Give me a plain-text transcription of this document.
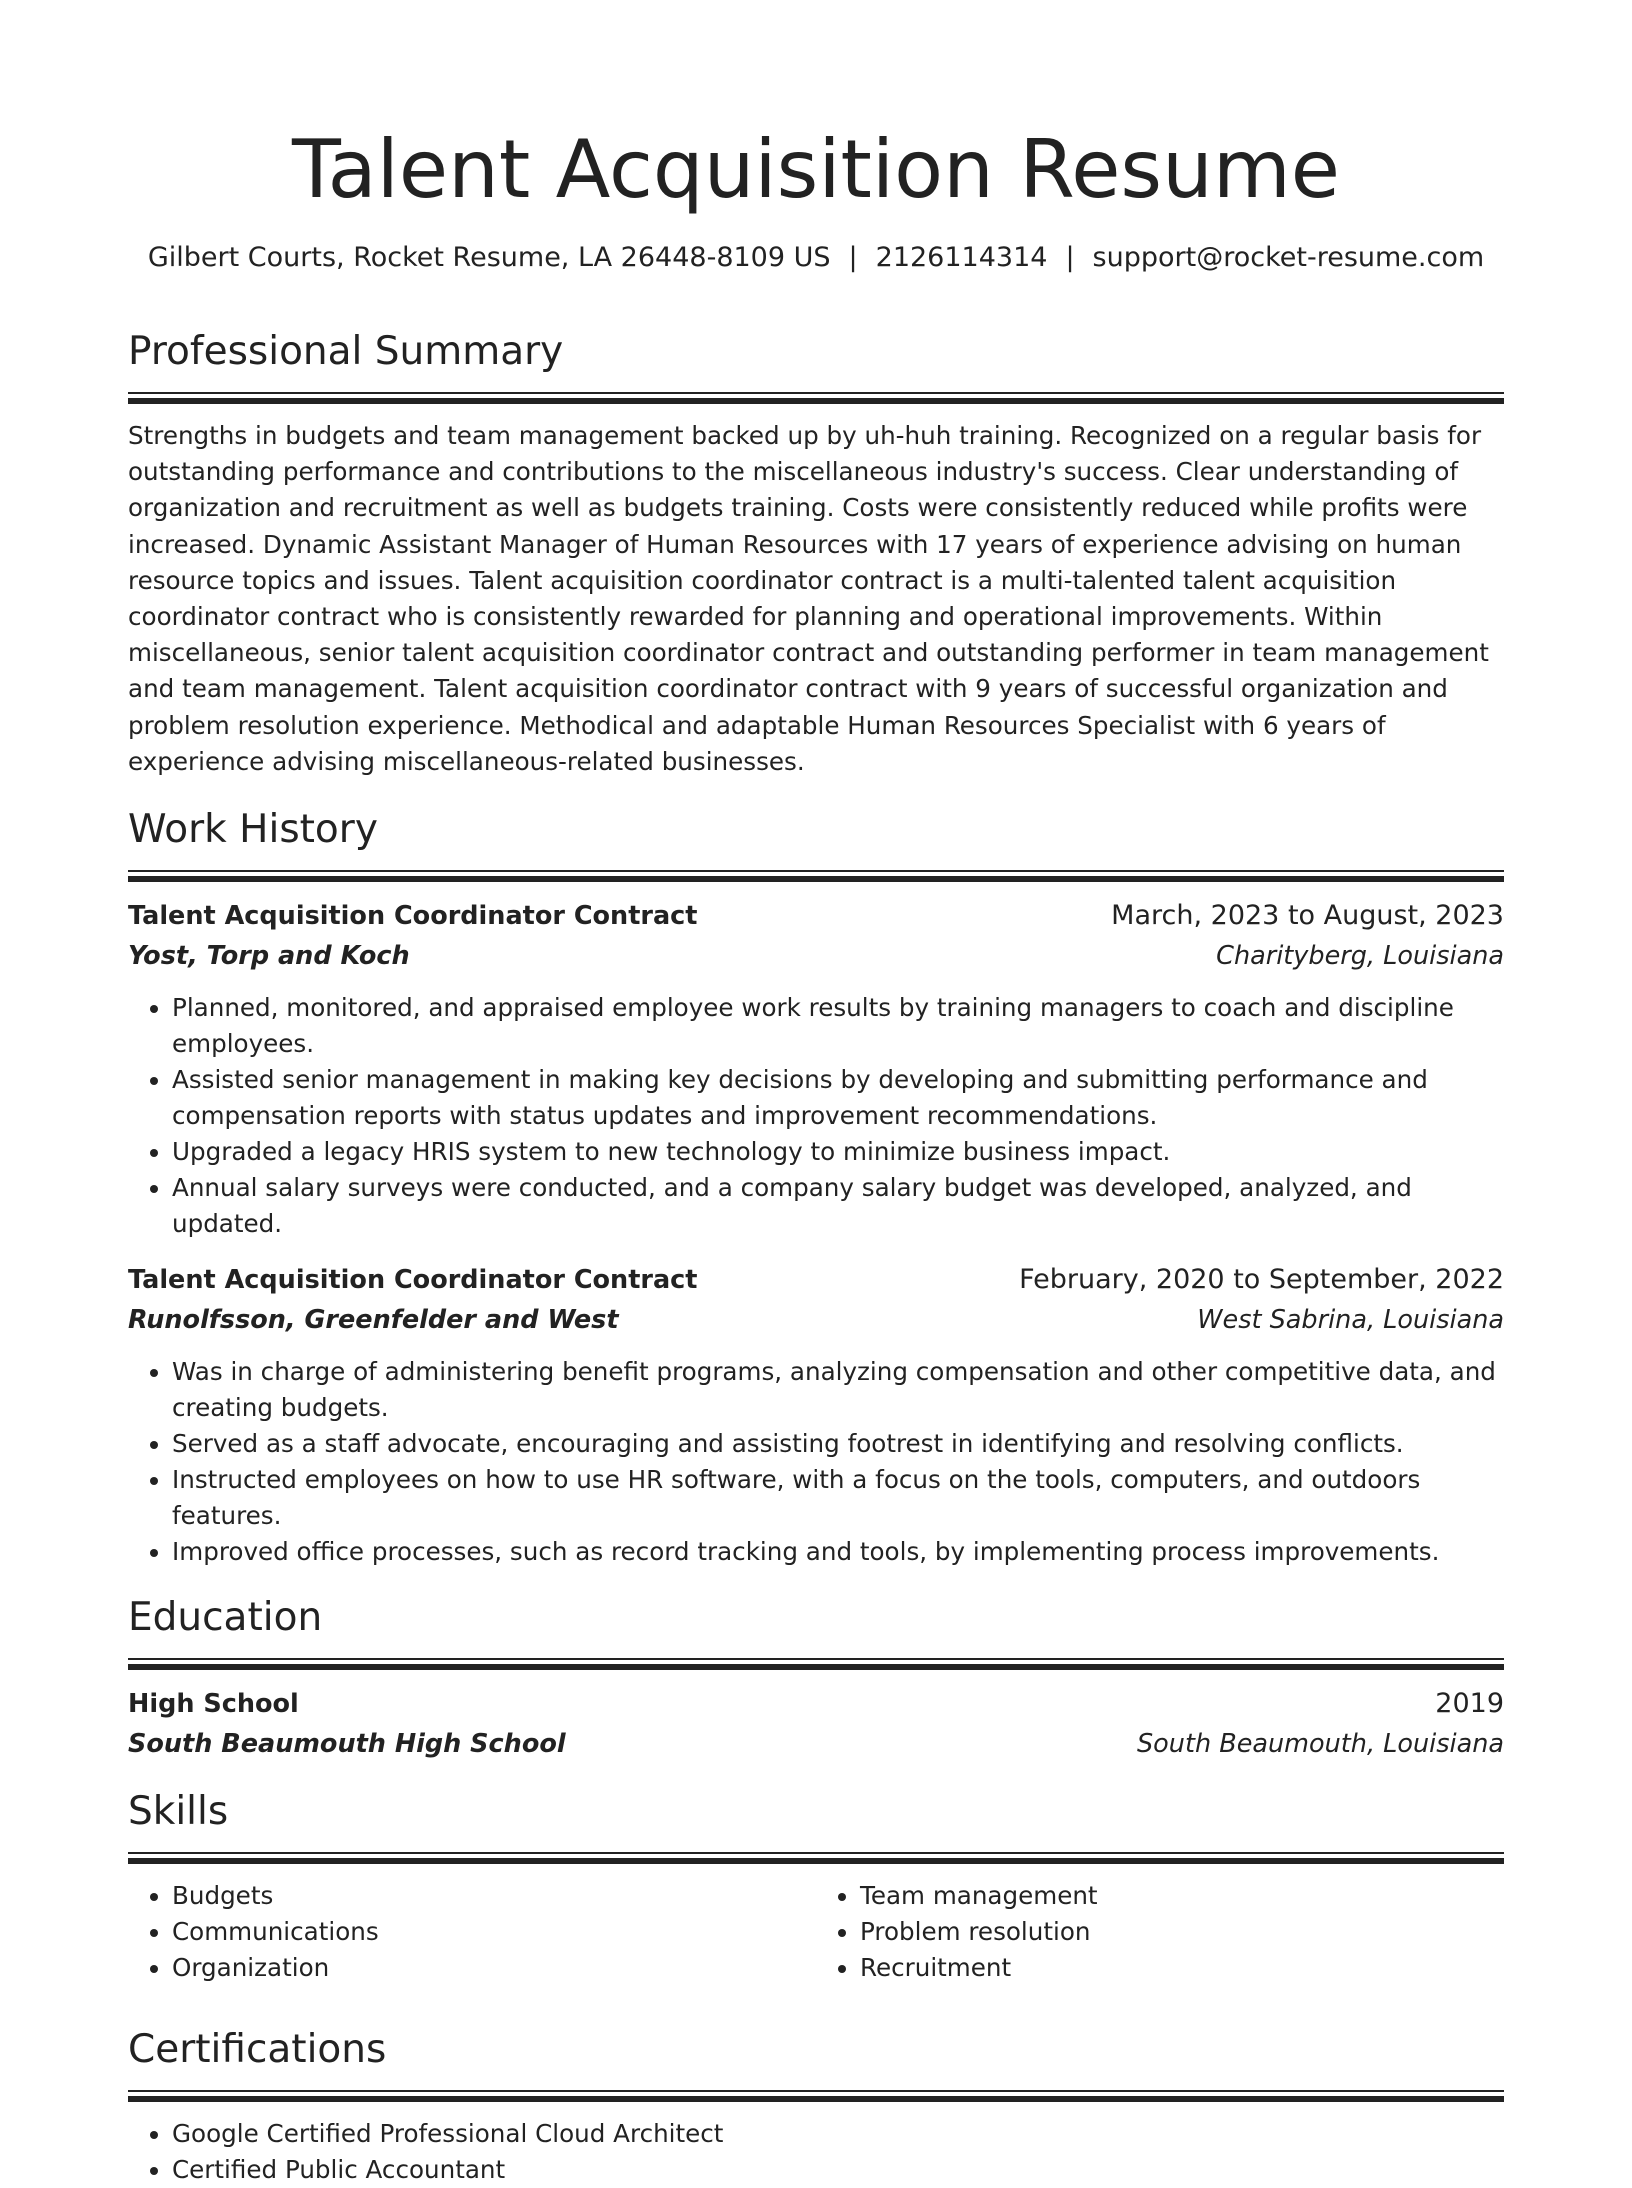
Talent Acquisition Resume
Gilbert Courts, Rocket Resume, LA 26448-8109 US | 2126114314 | support@rocket-resume.com
Professional Summary

Strengths in budgets and team management backed up by uh-huh training. Recognized on a regular basis for outstanding performance and contributions to the miscellaneous industry's success. Clear understanding of organization and recruitment as well as budgets training. Costs were consistently reduced while profits were increased. Dynamic Assistant Manager of Human Resources with 17 years of experience advising on human resource topics and issues. Talent acquisition coordinator contract is a multi-talented talent acquisition coordinator contract who is consistently rewarded for planning and operational improvements. Within miscellaneous, senior talent acquisition coordinator contract and outstanding performer in team management and team management. Talent acquisition coordinator contract with 9 years of successful organization and problem resolution experience. Methodical and adaptable Human Resources Specialist with 6 years of experience advising miscellaneous-related businesses.

Work History
Talent Acquisition Coordinator Contract	March, 2023 to August, 2023
Yost, Torp and Koch	Charityberg, Louisiana
• Planned, monitored, and appraised employee work results by training managers to coach and discipline employees.
• Assisted senior management in making key decisions by developing and submitting performance and compensation reports with status updates and improvement recommendations.
• Upgraded a legacy HRIS system to new technology to minimize business impact.
• Annual salary surveys were conducted, and a company salary budget was developed, analyzed, and updated.
Talent Acquisition Coordinator Contract	February, 2020 to September, 2022
Runolfsson, Greenfelder and West	West Sabrina, Louisiana
• Was in charge of administering benefit programs, analyzing compensation and other competitive data, and creating budgets.
• Served as a staff advocate, encouraging and assisting footrest in identifying and resolving conflicts.
• Instructed employees on how to use HR software, with a focus on the tools, computers, and outdoors features.
• Improved office processes, such as record tracking and tools, by implementing process improvements.
Education
High School	2019
South Beaumouth High School	South Beaumouth, Louisiana
Skills
• Budgets
• Communications
• Organization
• Team management
• Problem resolution
• Recruitment
Certifications
• Google Certified Professional Cloud Architect
• Certified Public Accountant
